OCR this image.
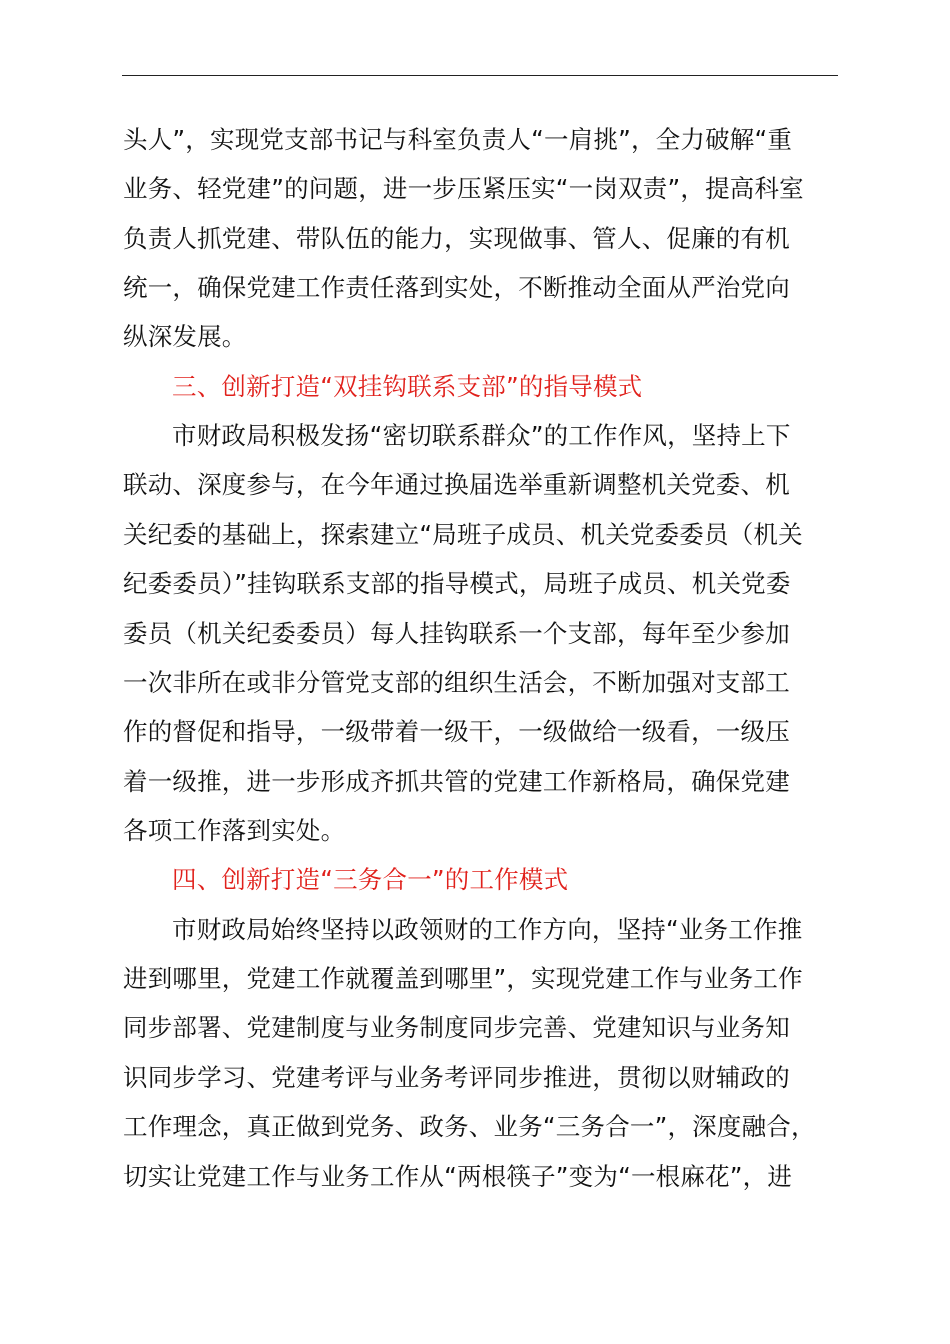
头人”，实现党支部书记与科室负责人“一肩挑”，全力破解“重
业务、轻党建”的问题，进一步压紧压实“一岗双责”，提高科室
负责人抓党建、带队伍的能力，实现做事、管人、促廉的有机
统一，确保党建工作责任落到实处，不断推动全面从严治党向
纵深发展。
三、创新打造“双挂钩联系支部”的指导模式
市财政局积极发扬“密切联系群众”的工作作风，坚持上下
联动、深度参与，在今年通过换届选举重新调整机关党委、机
关纪委的基础上，探索建立“局班子成员、机关党委委员（机关
纪委委员）”挂钩联系支部的指导模式，局班子成员、机关党委
委员（机关纪委委员）每人挂钩联系一个支部，每年至少参加
一次非所在或非分管党支部的组织生活会，不断加强对支部工
作的督促和指导，一级带着一级干，一级做给一级看，一级压
着一级推，进一步形成齐抓共管的党建工作新格局，确保党建
各项工作落到实处。
四、创新打造“三务合一”的工作模式
市财政局始终坚持以政领财的工作方向，坚持“业务工作推
进到哪里，党建工作就覆盖到哪里”，实现党建工作与业务工作
同步部署、党建制度与业务制度同步完善、党建知识与业务知
识同步学习、党建考评与业务考评同步推进，贯彻以财辅政的
工作理念，真正做到党务、政务、业务“三务合一”，深度融合，
切实让党建工作与业务工作从“两根筷子”变为“一根麻花”，进
